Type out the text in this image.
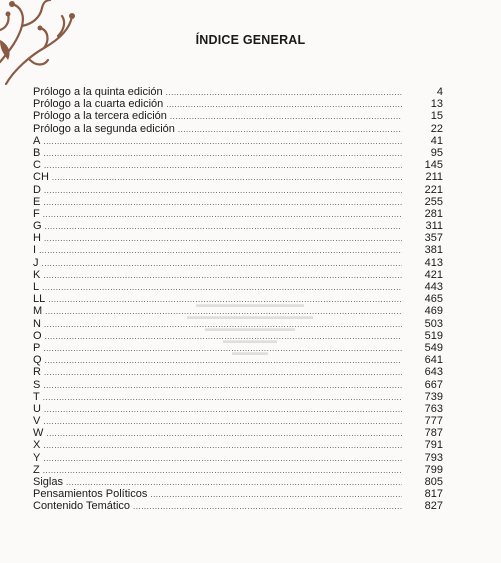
ÍNDICE GENERAL
Prólogo a la quinta edición .....	4
Prólogo a la cuarta edición .....	13
Prólogo a la tercera edición .....	15
Prólogo a la segunda edición .....	22
A .....	41
B .....	95
C .....	145
CH .....	211
D .....	221
E .....	255
F .....	281
G .....	311
H .....	357
I .....	381
J .....	413
K .....	421
L .....	443
LL .....	465
M .....	469
N .....	503
O .....	519
P .....	549
Q .....	641
R .....	643
S .....	667
T .....	739
U .....	763
V .....	777
W .....	787
X .....	791
Y .....	793
Z .....	799
Siglas .....	805
Pensamientos Políticos .....	817
Contenido Temático .....	827
▬▬▬▬▬▬▬▬▬▬▬▬
▬▬▬▬▬▬▬▬▬▬▬▬▬▬
▬▬▬▬▬▬▬▬▬▬
▬▬▬▬▬▬
▬▬▬▬
